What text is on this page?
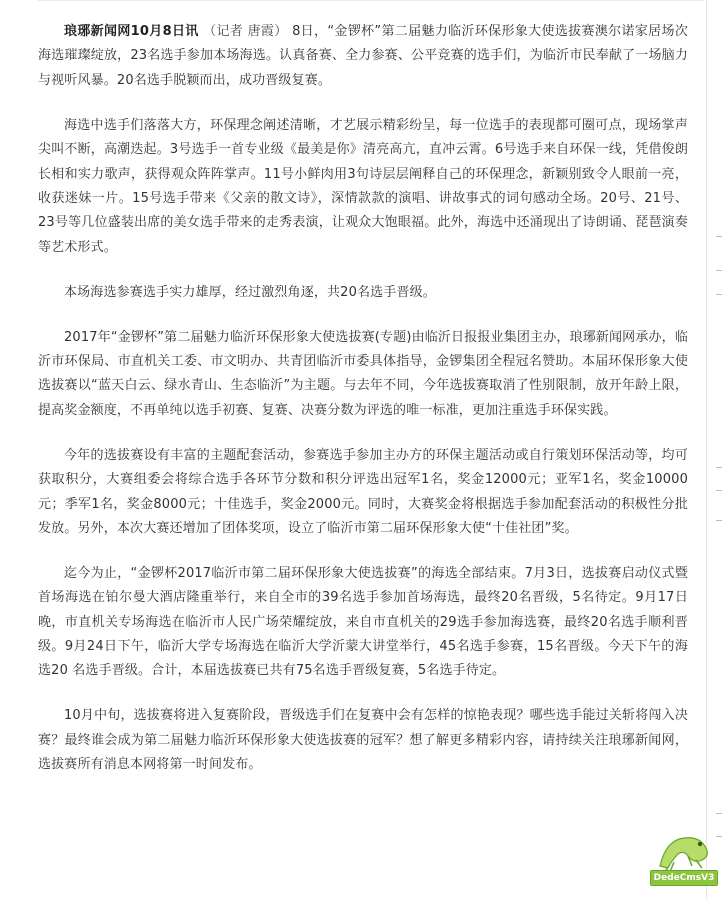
琅琊新闻网10月8日讯 （记者 唐霞） 8日，“金锣杯”第二届魅力临沂环保形象大使选拔赛澳尔诺家居场次海选璀璨绽放，23名选手参加本场海选。认真备赛、全力参赛、公平竞赛的选手们，为临沂市民奉献了一场脑力与视听风暴。20名选手脱颖而出，成功晋级复赛。

海选中选手们落落大方，环保理念阐述清晰，才艺展示精彩纷呈，每一位选手的表现都可圈可点，现场掌声尖叫不断，高潮迭起。3号选手一首专业级《最美是你》清亮高亢，直冲云霄。6号选手来自环保一线，凭借俊朗长相和实力歌声，获得观众阵阵掌声。11号小鲜肉用3句诗层层阐释自己的环保理念，新颖别致令人眼前一亮，收获迷妹一片。15号选手带来《父亲的散文诗》，深情款款的演唱、讲故事式的词句感动全场。20号、21号、23号等几位盛装出席的美女选手带来的走秀表演，让观众大饱眼福。此外，海选中还涌现出了诗朗诵、琵琶演奏等艺术形式。

本场海选参赛选手实力雄厚，经过激烈角逐，共20名选手晋级。

2017年“金锣杯”第二届魅力临沂环保形象大使选拔赛(专题)由临沂日报报业集团主办，琅琊新闻网承办，临沂市环保局、市直机关工委、市文明办、共青团临沂市委具体指导，金锣集团全程冠名赞助。本届环保形象大使选拔赛以“蓝天白云、绿水青山、生态临沂”为主题。与去年不同，今年选拔赛取消了性别限制，放开年龄上限，提高奖金额度，不再单纯以选手初赛、复赛、决赛分数为评选的唯一标准，更加注重选手环保实践。

今年的选拔赛设有丰富的主题配套活动，参赛选手参加主办方的环保主题活动或自行策划环保活动等，均可获取积分，大赛组委会将综合选手各环节分数和积分评选出冠军1名，奖金12000元；亚军1名，奖金10000元；季军1名，奖金8000元；十佳选手，奖金2000元。同时，大赛奖金将根据选手参加配套活动的积极性分批发放。另外，本次大赛还增加了团体奖项，设立了临沂市第二届环保形象大使“十佳社团”奖。

迄今为止，“金锣杯2017临沂市第二届环保形象大使选拔赛”的海选全部结束。7月3日，选拔赛启动仪式暨首场海选在铂尔曼大酒店隆重举行，来自全市的39名选手参加首场海选，最终20名晋级，5名待定。9月17日晚，市直机关专场海选在临沂市人民广场荣耀绽放，来自市直机关的29选手参加海选赛，最终20名选手顺利晋级。9月24日下午，临沂大学专场海选在临沂大学沂蒙大讲堂举行，45名选手参赛，15名晋级。今天下午的海选20 名选手晋级。合计，本届选拔赛已共有75名选手晋级复赛，5名选手待定。

10月中旬，选拔赛将进入复赛阶段，晋级选手们在复赛中会有怎样的惊艳表现？哪些选手能过关斩将闯入决赛？最终谁会成为第二届魅力临沂环保形象大使选拔赛的冠军？想了解更多精彩内容，请持续关注琅琊新闻网，选拔赛所有消息本网将第一时间发布。

DedeCmsV3
